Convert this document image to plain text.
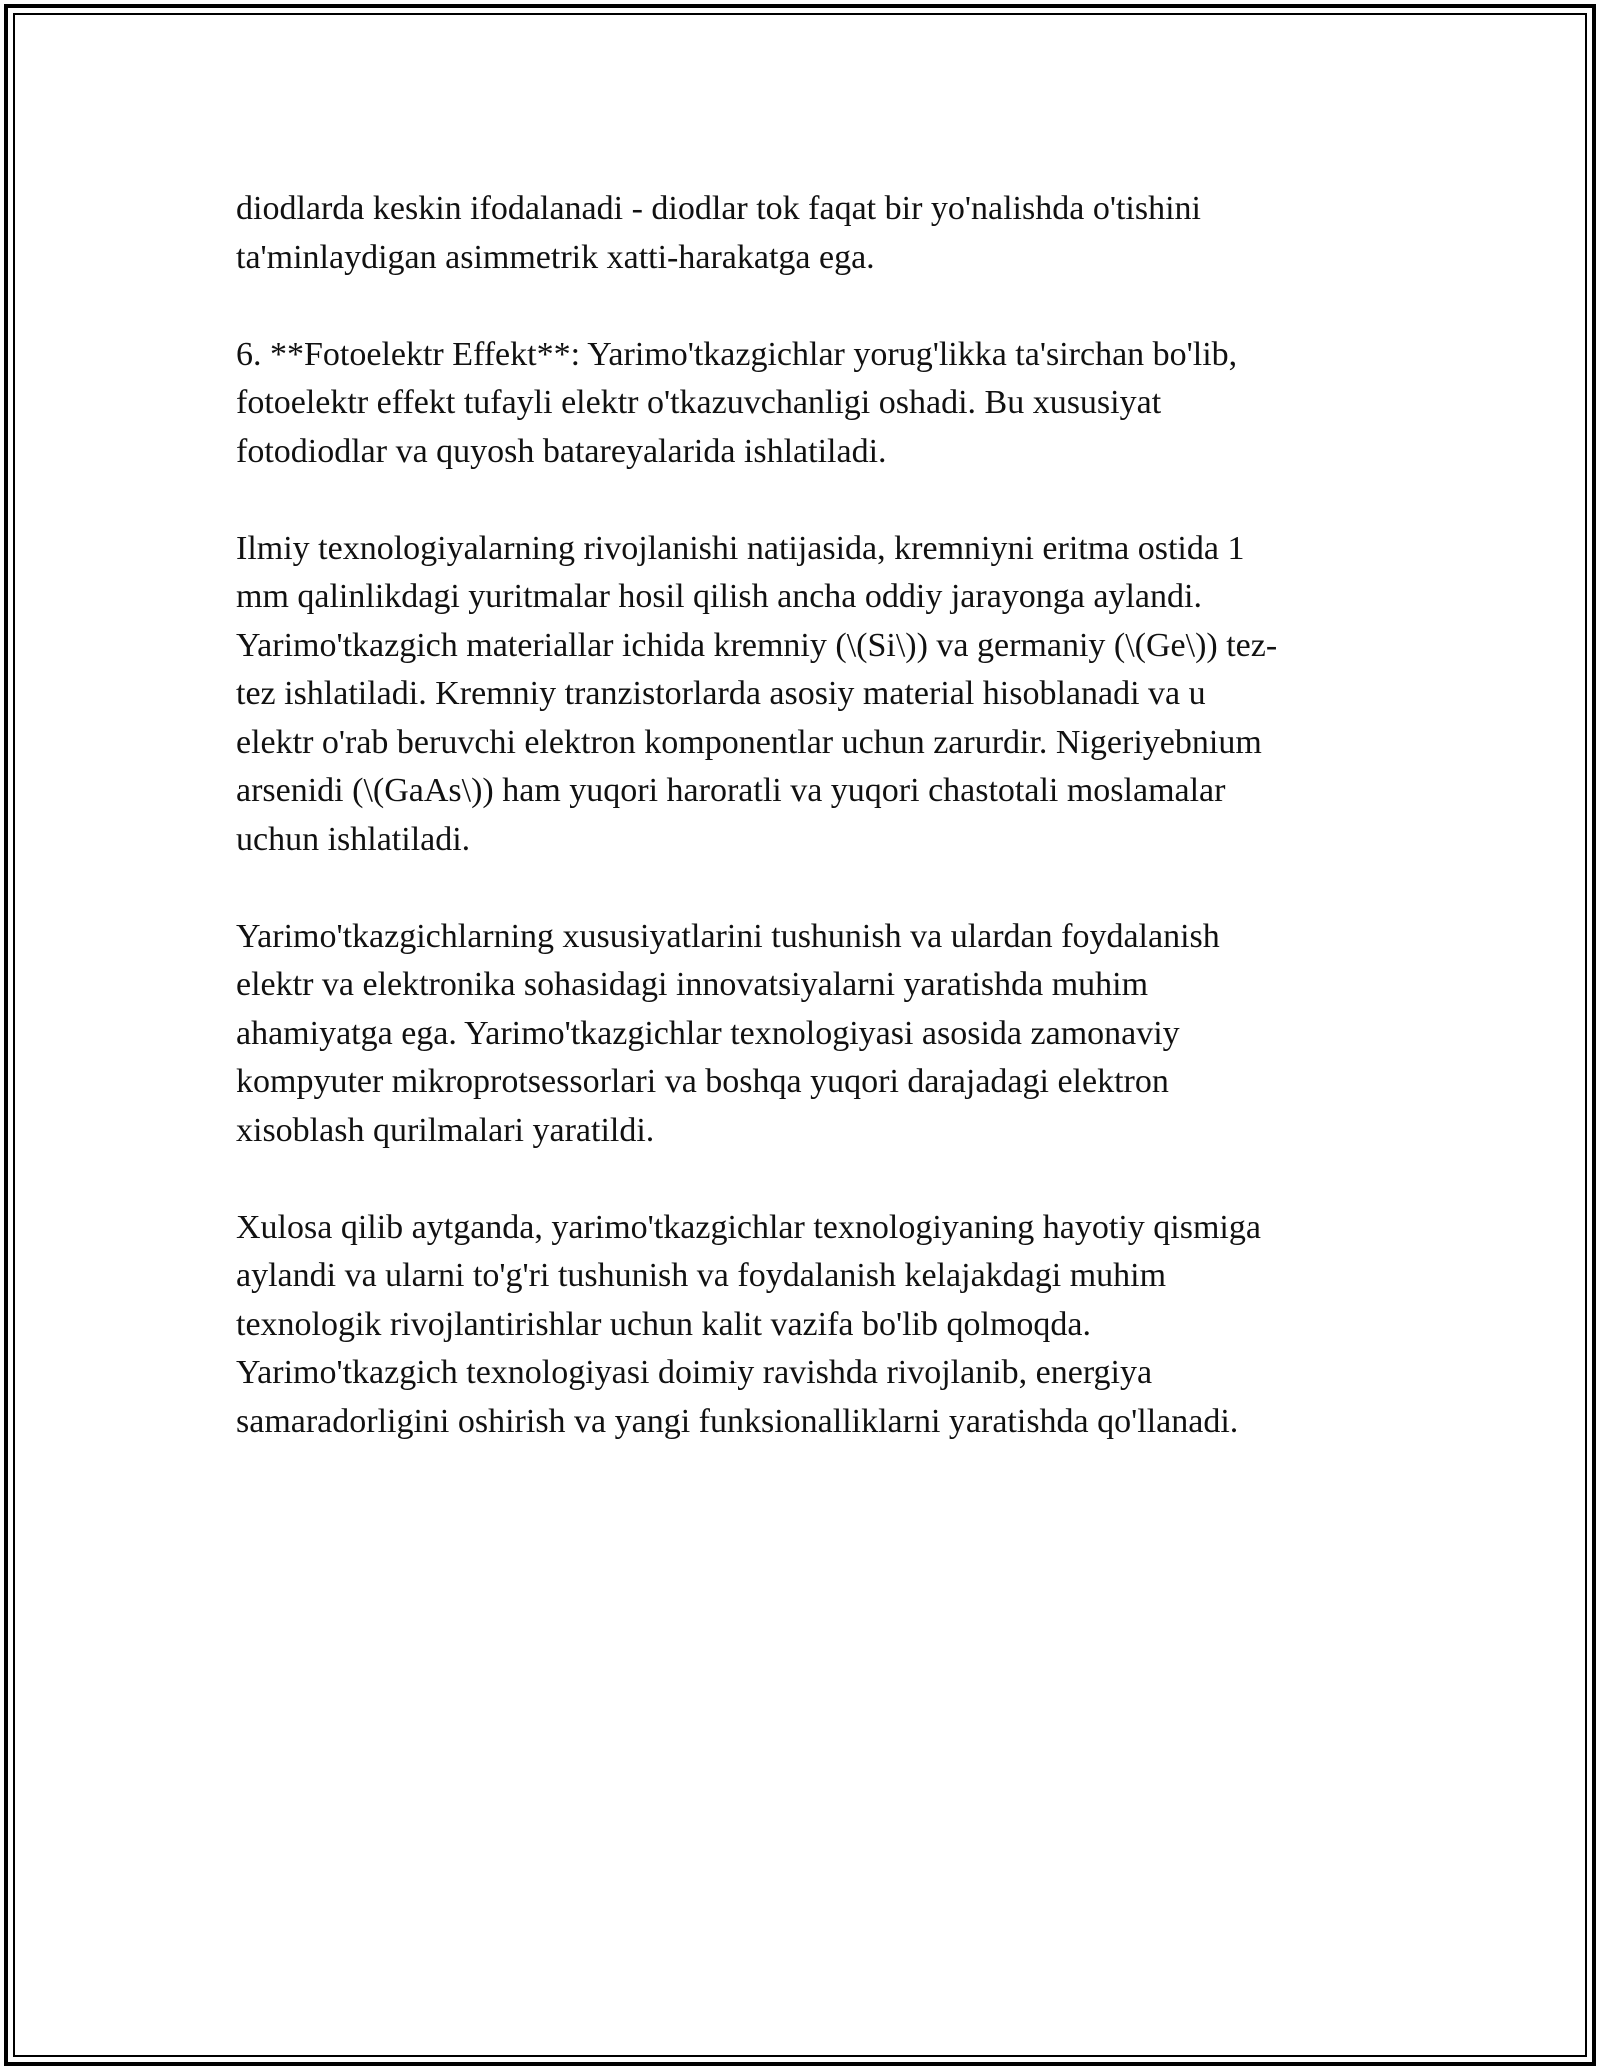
diodlarda keskin ifodalanadi - diodlar tok faqat bir yo'nalishda o'tishini
ta'minlaydigan asimmetrik xatti-harakatga ega.

6. **Fotoelektr Effekt**: Yarimo'tkazgichlar yorug'likka ta'sirchan bo'lib,
fotoelektr effekt tufayli elektr o'tkazuvchanligi oshadi. Bu xususiyat
fotodiodlar va quyosh batareyalarida ishlatiladi.

Ilmiy texnologiyalarning rivojlanishi natijasida, kremniyni eritma ostida 1
mm qalinlikdagi yuritmalar hosil qilish ancha oddiy jarayonga aylandi.
Yarimo'tkazgich materiallar ichida kremniy (\(Si\)) va germaniy (\(Ge\)) tez-
tez ishlatiladi. Kremniy tranzistorlarda asosiy material hisoblanadi va u
elektr o'rab beruvchi elektron komponentlar uchun zarurdir. Nigeriyebnium
arsenidi (\(GaAs\)) ham yuqori haroratli va yuqori chastotali moslamalar
uchun ishlatiladi.

Yarimo'tkazgichlarning xususiyatlarini tushunish va ulardan foydalanish
elektr va elektronika sohasidagi innovatsiyalarni yaratishda muhim
ahamiyatga ega. Yarimo'tkazgichlar texnologiyasi asosida zamonaviy
kompyuter mikroprotsessorlari va boshqa yuqori darajadagi elektron
xisoblash qurilmalari yaratildi.

Xulosa qilib aytganda, yarimo'tkazgichlar texnologiyaning hayotiy qismiga
aylandi va ularni to'g'ri tushunish va foydalanish kelajakdagi muhim
texnologik rivojlantirishlar uchun kalit vazifa bo'lib qolmoqda.
Yarimo'tkazgich texnologiyasi doimiy ravishda rivojlanib, energiya
samaradorligini oshirish va yangi funksionalliklarni yaratishda qo'llanadi.
